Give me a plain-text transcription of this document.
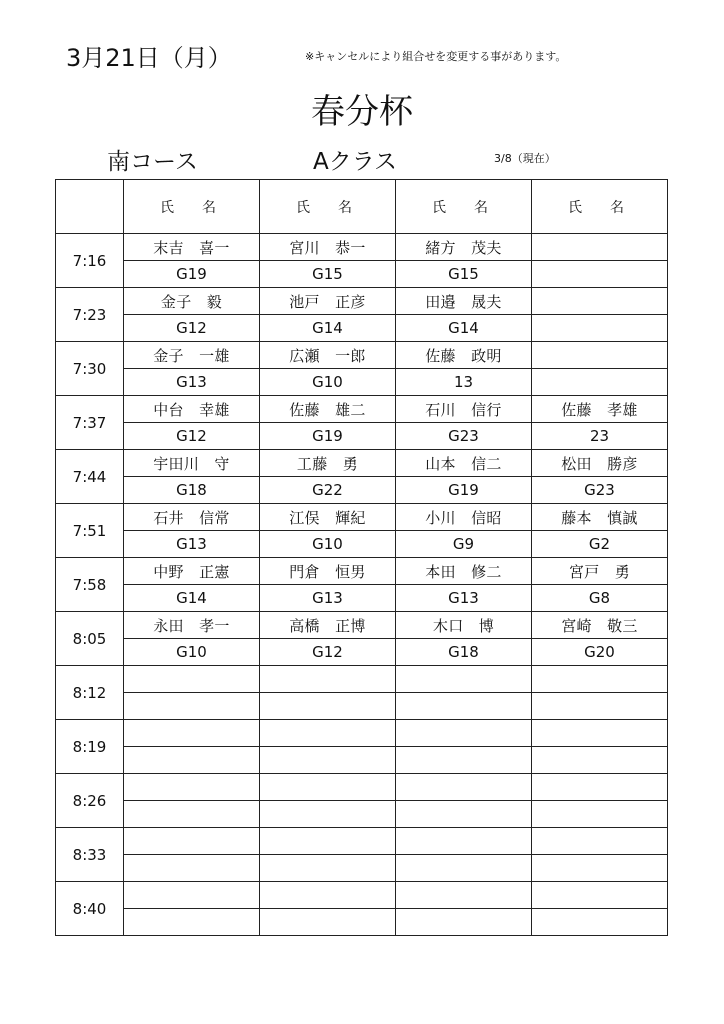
3月21日（月）	※キャンセルにより組合せを変更する事があります。
春分杯
南コース	Aクラス	3/8（現在）
	氏　名	氏　名	氏　名	氏　名
7:16	末吉　喜一	宮川　恭一	緒方　茂夫	
	G19	G15	G15	
7:23	金子　毅	池戸　正彦	田邉　晟夫	
	G12	G14	G14	
7:30	金子　一雄	広瀬　一郎	佐藤　政明	
	G13	G10	13	
7:37	中台　幸雄	佐藤　雄二	石川　信行	佐藤　孝雄
	G12	G19	G23	23
7:44	宇田川　守	工藤　勇	山本　信二	松田　勝彦
	G18	G22	G19	G23
7:51	石井　信常	江俣　輝紀	小川　信昭	藤本　慎誠
	G13	G10	G9	G2
7:58	中野　正憲	門倉　恒男	本田　修二	宮戸　勇
	G14	G13	G13	G8
8:05	永田　孝一	高橋　正博	木口　博	宮崎　敬三
	G10	G12	G18	G20
8:12				

8:19				

8:26				

8:33				

8:40				
